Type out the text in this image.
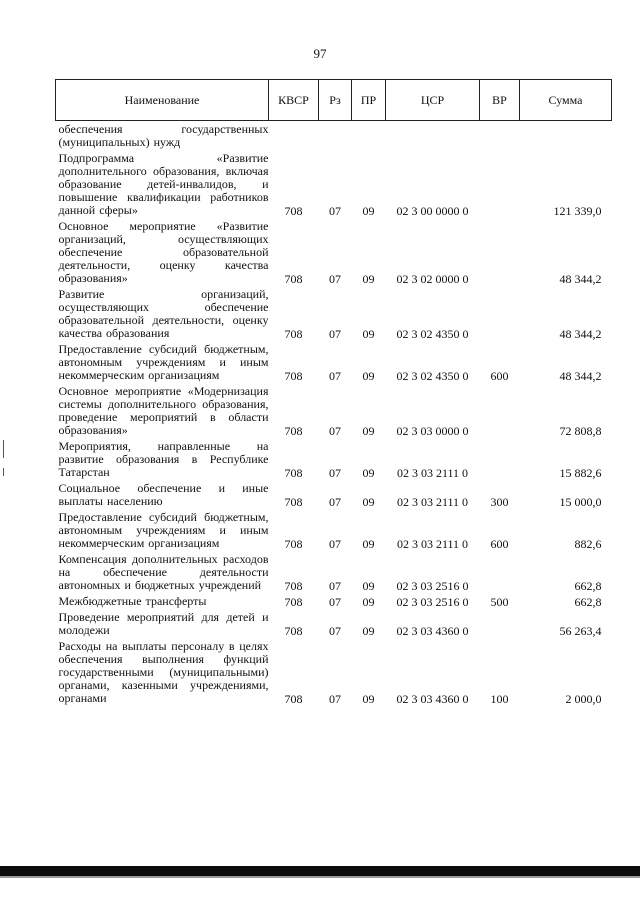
97
Наименование	КВСР	Рз	ПР	ЦСР	ВР	Сумма
обеспечения государственных (муниципальных) нужд						
Подпрограмма «Развитие дополнительного образования, включая образование детей-инвалидов, и повышение квалификации работников данной сферы»	708	07	09	02 3 00 0000 0		121 339,0
Основное мероприятие «Развитие организаций, осуществляющих обеспечение образовательной деятельности, оценку качества образования»	708	07	09	02 3 02 0000 0		48 344,2
Развитие организаций, осуществляющих обеспечение образовательной деятельности, оценку качества образования	708	07	09	02 3 02 4350 0		48 344,2
Предоставление субсидий бюджетным, автономным учреждениям и иным некоммерческим организациям	708	07	09	02 3 02 4350 0	600	48 344,2
Основное мероприятие «Модернизация системы дополнительного образования, проведение мероприятий в области образования»	708	07	09	02 3 03 0000 0		72 808,8
Мероприятия, направленные на развитие образования в Республике Татарстан	708	07	09	02 3 03 2111 0		15 882,6
Социальное обеспечение и иные выплаты населению	708	07	09	02 3 03 2111 0	300	15 000,0
Предоставление субсидий бюджетным, автономным учреждениям и иным некоммерческим организациям	708	07	09	02 3 03 2111 0	600	882,6
Компенсация дополнительных расходов на обеспечение деятельности автономных и бюджетных учреждений	708	07	09	02 3 03 2516 0		662,8
Межбюджетные трансферты	708	07	09	02 3 03 2516 0	500	662,8
Проведение мероприятий для детей и молодежи	708	07	09	02 3 03 4360 0		56 263,4
Расходы на выплаты персоналу в целях обеспечения выполнения функций государственными (муниципальными) органами, казенными учреждениями, органами	708	07	09	02 3 03 4360 0	100	2 000,0
